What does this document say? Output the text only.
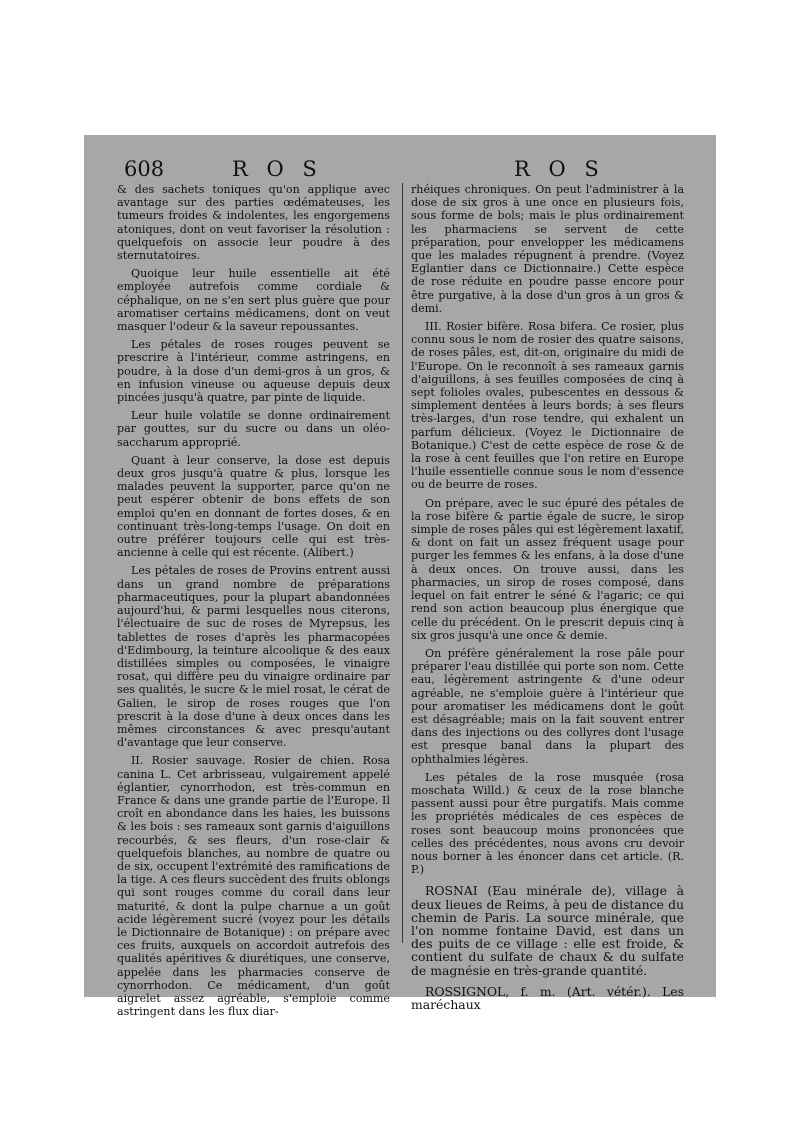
608	R O S	R O S

& des sachets toniques qu'on applique avec avantage sur des parties œdémateuses, les tumeurs froides & indolentes, les engorgemens atoniques, dont on veut favoriser la résolution : quelquefois on associe leur poudre à des sternutatoires.

Quoique leur huile essentielle ait été employée autrefois comme cordiale & céphalique, on ne s'en sert plus guère que pour aromatiser certains médicamens, dont on veut masquer l'odeur & la saveur repoussantes.

Les pétales de roses rouges peuvent se prescrire à l'intérieur, comme astringens, en poudre, à la dose d'un demi-gros à un gros, & en infusion vineuse ou aqueuse depuis deux pincées jusqu'à quatre, par pinte de liquide.

Leur huile volatile se donne ordinairement par gouttes, sur du sucre ou dans un oléo-saccharum approprié.

Quant à leur conserve, la dose est depuis deux gros jusqu'à quatre & plus, lorsque les malades peuvent la supporter, parce qu'on ne peut espérer obtenir de bons effets de son emploi qu'en en donnant de fortes doses, & en continuant très-long-temps l'usage. On doit en outre préférer toujours celle qui est très-ancienne à celle qui est récente. (Alibert.)

Les pétales de roses de Provins entrent aussi dans un grand nombre de préparations pharmaceutiques, pour la plupart abandonnées aujourd'hui, & parmi lesquelles nous citerons, l'électuaire de suc de roses de Myrepsus, les tablettes de roses d'après les pharmacopées d'Edimbourg, la teinture alcoolique & des eaux distillées simples ou composées, le vinaigre rosat, qui diffère peu du vinaigre ordinaire par ses qualités, le sucre & le miel rosat, le cérat de Galien, le sirop de roses rouges que l'on prescrit à la dose d'une à deux onces dans les mêmes circonstances & avec presqu'autant d'avantage que leur conserve.

II. Rosier sauvage. Rosier de chien. Rosa canina L. Cet arbrisseau, vulgairement appelé églantier, cynorrhodon, est très-commun en France & dans une grande partie de l'Europe. Il croît en abondance dans les haies, les buissons & les bois : ses rameaux sont garnis d'aiguillons recourbés, & ses fleurs, d'un rose-clair & quelquefois blanches, au nombre de quatre ou de six, occupent l'extrémité des ramifications de la tige. A ces fleurs succèdent des fruits oblongs qui sont rouges comme du corail dans leur maturité, & dont la pulpe charnue a un goût acide légèrement sucré (voyez pour les détails le Dictionnaire de Botanique) : on prépare avec ces fruits, auxquels on accordoit autrefois des qualités apéritives & diurétiques, une conserve, appelée dans les pharmacies conserve de cynorrhodon. Ce médicament, d'un goût aigrelet assez agréable, s'emploie comme astringent dans les flux diar-

rhéiques chroniques. On peut l'administrer à la dose de six gros à une once en plusieurs fois, sous forme de bols; mais le plus ordinairement les pharmaciens se servent de cette préparation, pour envelopper les médicamens que les malades répugnent à prendre. (Voyez Eglantier dans ce Dictionnaire.) Cette espèce de rose réduite en poudre passe encore pour être purgative, à la dose d'un gros à un gros & demi.

III. Rosier bifère. Rosa bifera. Ce rosier, plus connu sous le nom de rosier des quatre saisons, de roses pâles, est, dit-on, originaire du midi de l'Europe. On le reconnoît à ses rameaux garnis d'aiguillons, à ses feuilles composées de cinq à sept folioles ovales, pubescentes en dessous & simplement dentées à leurs bords; à ses fleurs très-larges, d'un rose tendre, qui exhalent un parfum délicieux. (Voyez le Dictionnaire de Botanique.) C'est de cette espèce de rose & de la rose à cent feuilles que l'on retire en Europe l'huile essentielle connue sous le nom d'essence ou de beurre de roses.

On prépare, avec le suc épuré des pétales de la rose bifère & partie égale de sucre, le sirop simple de roses pâles qui est légèrement laxatif, & dont on fait un assez fréquent usage pour purger les femmes & les enfans, à la dose d'une à deux onces. On trouve aussi, dans les pharmacies, un sirop de roses composé, dans lequel on fait entrer le séné & l'agaric; ce qui rend son action beaucoup plus énergique que celle du précédent. On le prescrit depuis cinq à six gros jusqu'à une once & demie.

On préfère généralement la rose pâle pour préparer l'eau distillée qui porte son nom. Cette eau, légèrement astringente & d'une odeur agréable, ne s'emploie guère à l'intérieur que pour aromatiser les médicamens dont le goût est désagréable; mais on la fait souvent entrer dans des injections ou des collyres dont l'usage est presque banal dans la plupart des ophthalmies légères.

Les pétales de la rose musquée (rosa moschata Willd.) & ceux de la rose blanche passent aussi pour être purgatifs. Mais comme les propriétés médicales de ces espèces de roses sont beaucoup moins prononcées que celles des précédentes, nous avons cru devoir nous borner à les énoncer dans cet article. (R. P.)

ROSNAI (Eau minérale de), village à deux lieues de Reims, à peu de distance du chemin de Paris. La source minérale, que l'on nomme fontaine David, est dans un des puits de ce village : elle est froide, & contient du sulfate de chaux & du sulfate de magnésie en très-grande quantité.

ROSSIGNOL, f. m. (Art. vétér.). Les maréchaux
